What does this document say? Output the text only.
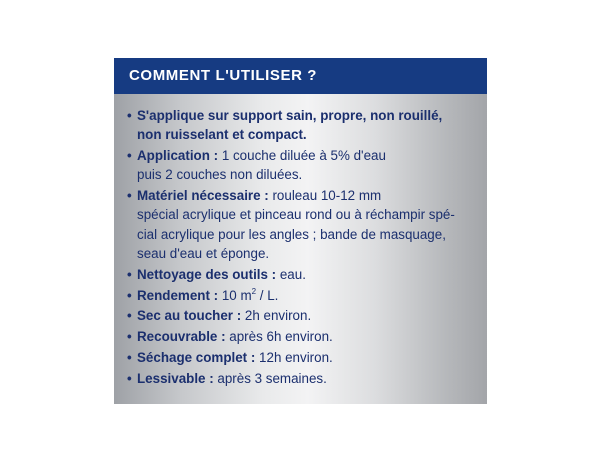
COMMENT L'UTILISER ?
• S'applique sur support sain, propre, non rouillé,
non ruisselant et compact.
• Application : 1 couche diluée à 5% d'eau
puis 2 couches non diluées.
• Matériel nécessaire : rouleau 10-12 mm
spécial acrylique et pinceau rond ou à réchampir spé-
cial acrylique pour les angles ; bande de masquage,
seau d'eau et éponge.
• Nettoyage des outils : eau.
• Rendement : 10 $m^2$ / L.
• Sec au toucher : 2h environ.
• Recouvrable : après 6h environ.
• Séchage complet : 12h environ.
• Lessivable : après 3 semaines.
